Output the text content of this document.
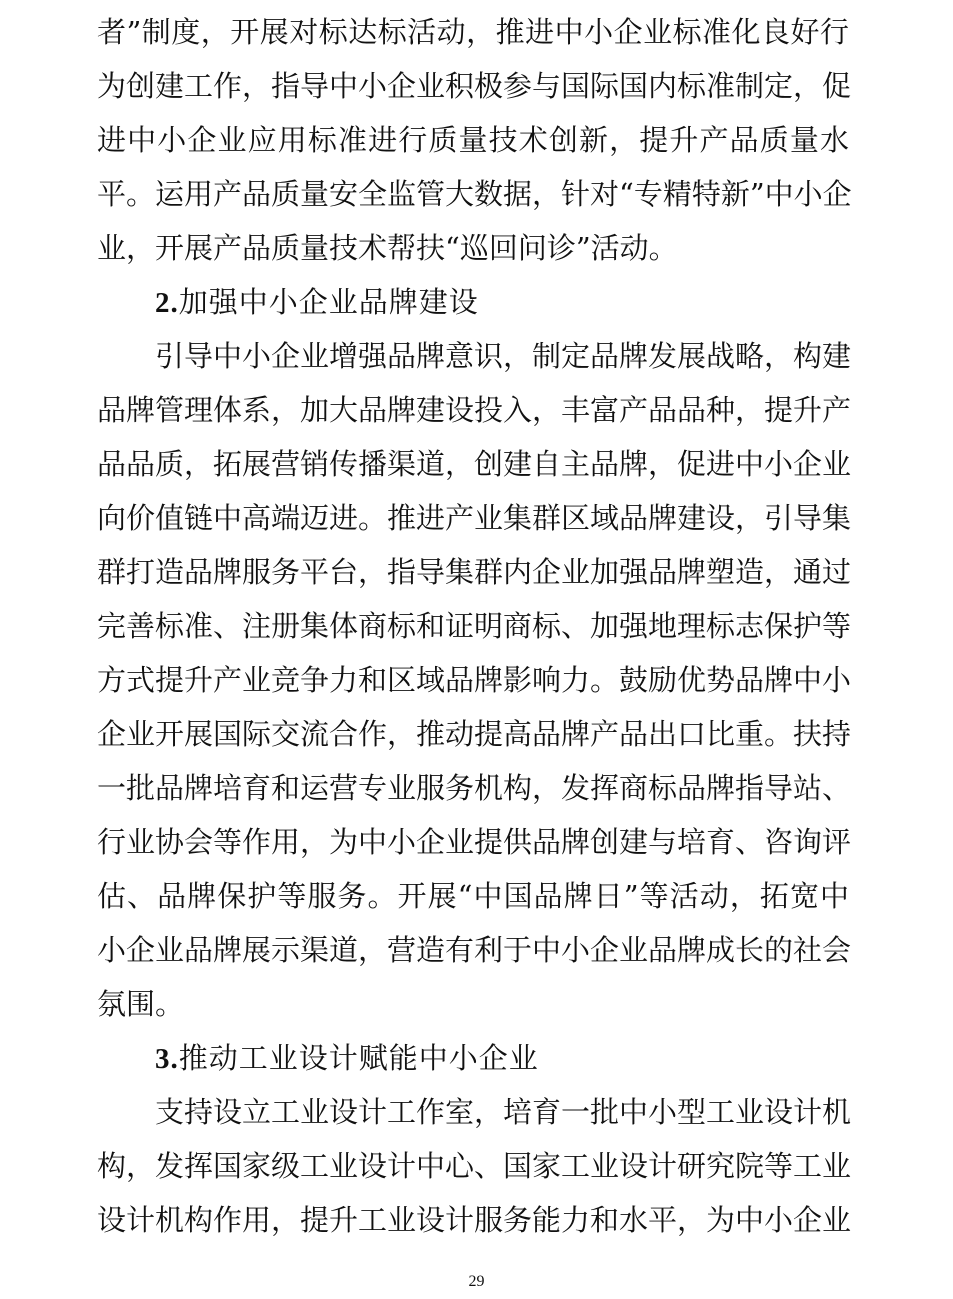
者”制度，开展对标达标活动，推进中小企业标准化良好行
为创建工作，指导中小企业积极参与国际国内标准制定，促
进中小企业应用标准进行质量技术创新，提升产品质量水
平。运用产品质量安全监管大数据，针对“专精特新”中小企
业，开展产品质量技术帮扶“巡回问诊”活动。
2.加强中小企业品牌建设
引导中小企业增强品牌意识，制定品牌发展战略，构建
品牌管理体系，加大品牌建设投入，丰富产品品种，提升产
品品质，拓展营销传播渠道，创建自主品牌，促进中小企业
向价值链中高端迈进。推进产业集群区域品牌建设，引导集
群打造品牌服务平台，指导集群内企业加强品牌塑造，通过
完善标准、注册集体商标和证明商标、加强地理标志保护等
方式提升产业竞争力和区域品牌影响力。鼓励优势品牌中小
企业开展国际交流合作，推动提高品牌产品出口比重。扶持
一批品牌培育和运营专业服务机构，发挥商标品牌指导站、
行业协会等作用，为中小企业提供品牌创建与培育、咨询评
估、品牌保护等服务。开展“中国品牌日”等活动，拓宽中
小企业品牌展示渠道，营造有利于中小企业品牌成长的社会
氛围。
3.推动工业设计赋能中小企业
支持设立工业设计工作室，培育一批中小型工业设计机
构，发挥国家级工业设计中心、国家工业设计研究院等工业
设计机构作用，提升工业设计服务能力和水平，为中小企业
29
